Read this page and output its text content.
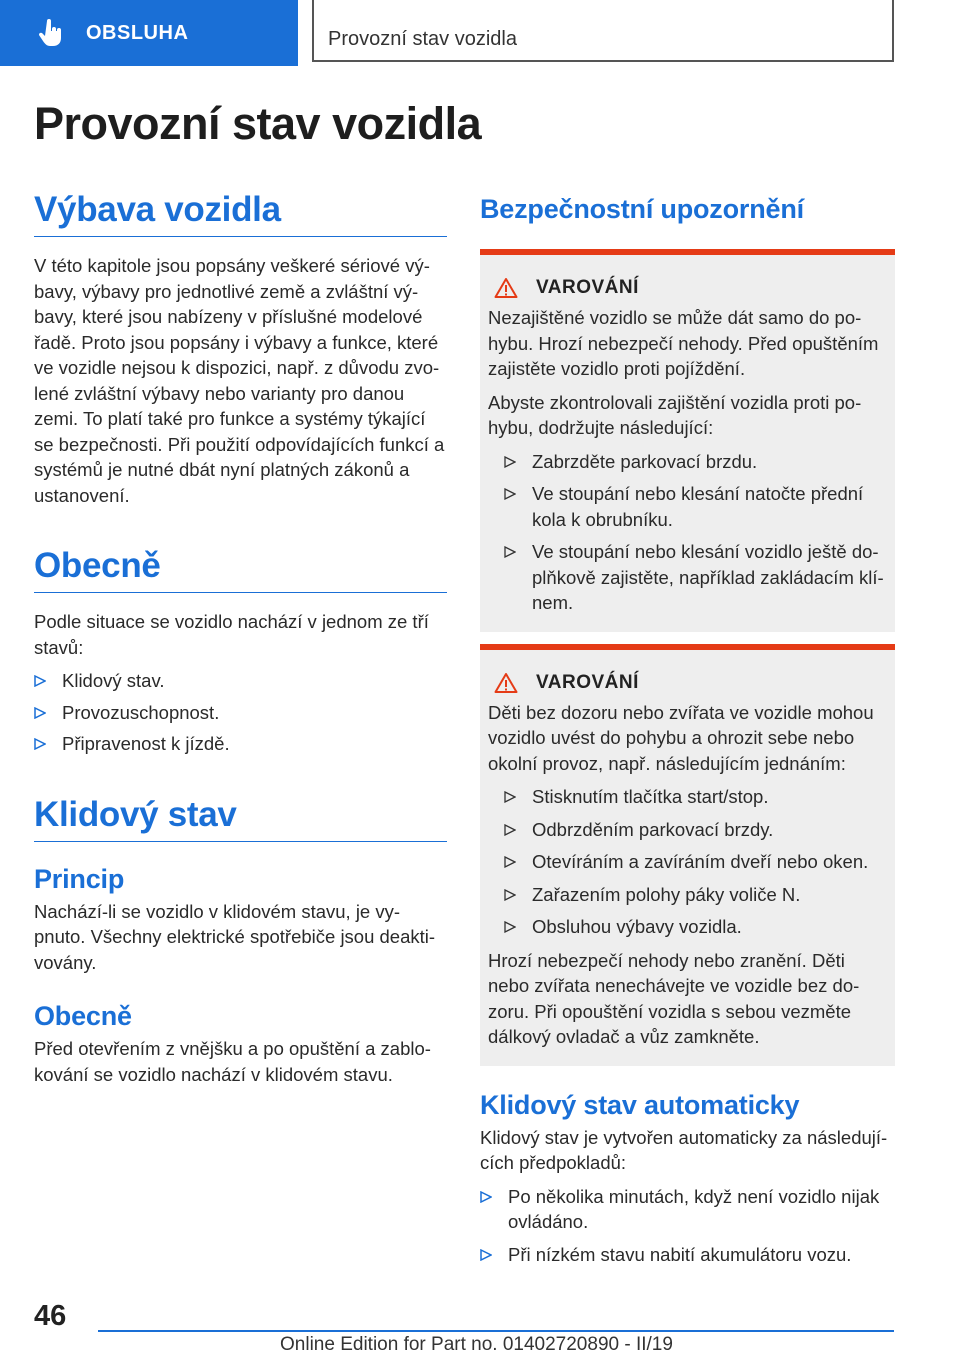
OBSLUHA	Provozní stav vozidla
Provozní stav vozidla
Výbava vozidla

V této kapitole jsou popsány veškeré sériové vý-

bavy, výbavy pro jednotlivé země a zvláštní vý-

bavy, které jsou nabízeny v příslušné modelové

řadě. Proto jsou popsány i výbavy a funkce, které

ve vozidle nejsou k dispozici, např. z důvodu zvo-

lené zvláštní výbavy nebo varianty pro danou

zemi. To platí také pro funkce a systémy týkající

se bezpečnosti. Při použití odpovídajících funkcí a

systémů je nutné dbát nyní platných zákonů a

ustanovení.

Obecně

Podle situace se vozidlo nachází v jednom ze tří

stavů:

Klidový stav.
Provozuschopnost.
Připravenost k jízdě.
Klidový stav
Princip

Nachází-li se vozidlo v klidovém stavu, je vy-

pnuto. Všechny elektrické spotřebiče jsou deakti-

vovány.

Obecně

Před otevřením z vnějšku a po opuštění a zablo-

kování se vozidlo nachází v klidovém stavu.

Bezpečnostní upozornění
VAROVÁNÍ

Nezajištěné vozidlo se může dát samo do po-

hybu. Hrozí nebezpečí nehody. Před opuštěním

zajistěte vozidlo proti pojíždění.

Abyste zkontrolovali zajištění vozidla proti po-

hybu, dodržujte následující:

Zabrzděte parkovací brzdu.
Ve stoupání nebo klesání natočte přední
kola k obrubníku.
Ve stoupání nebo klesání vozidlo ještě do-
plňkově zajistěte, například zakládacím klí-
nem.
VAROVÁNÍ

Děti bez dozoru nebo zvířata ve vozidle mohou

vozidlo uvést do pohybu a ohrozit sebe nebo

okolní provoz, např. následujícím jednáním:

Stisknutím tlačítka start/stop.
Odbrzděním parkovací brzdy.
Otevíráním a zavíráním dveří nebo oken.
Zařazením polohy páky voliče N.
Obsluhou výbavy vozidla.

Hrozí nebezpečí nehody nebo zranění. Děti

nebo zvířata nenechávejte ve vozidle bez do-

zoru. Při opouštění vozidla s sebou vezměte

dálkový ovladač a vůz zamkněte.

Klidový stav automaticky

Klidový stav je vytvořen automaticky za následují-

cích předpokladů:

Po několika minutách, když není vozidlo nijak
ovládáno.
Při nízkém stavu nabití akumulátoru vozu.
46
Online Edition for Part no. 01402720890 - II/19
